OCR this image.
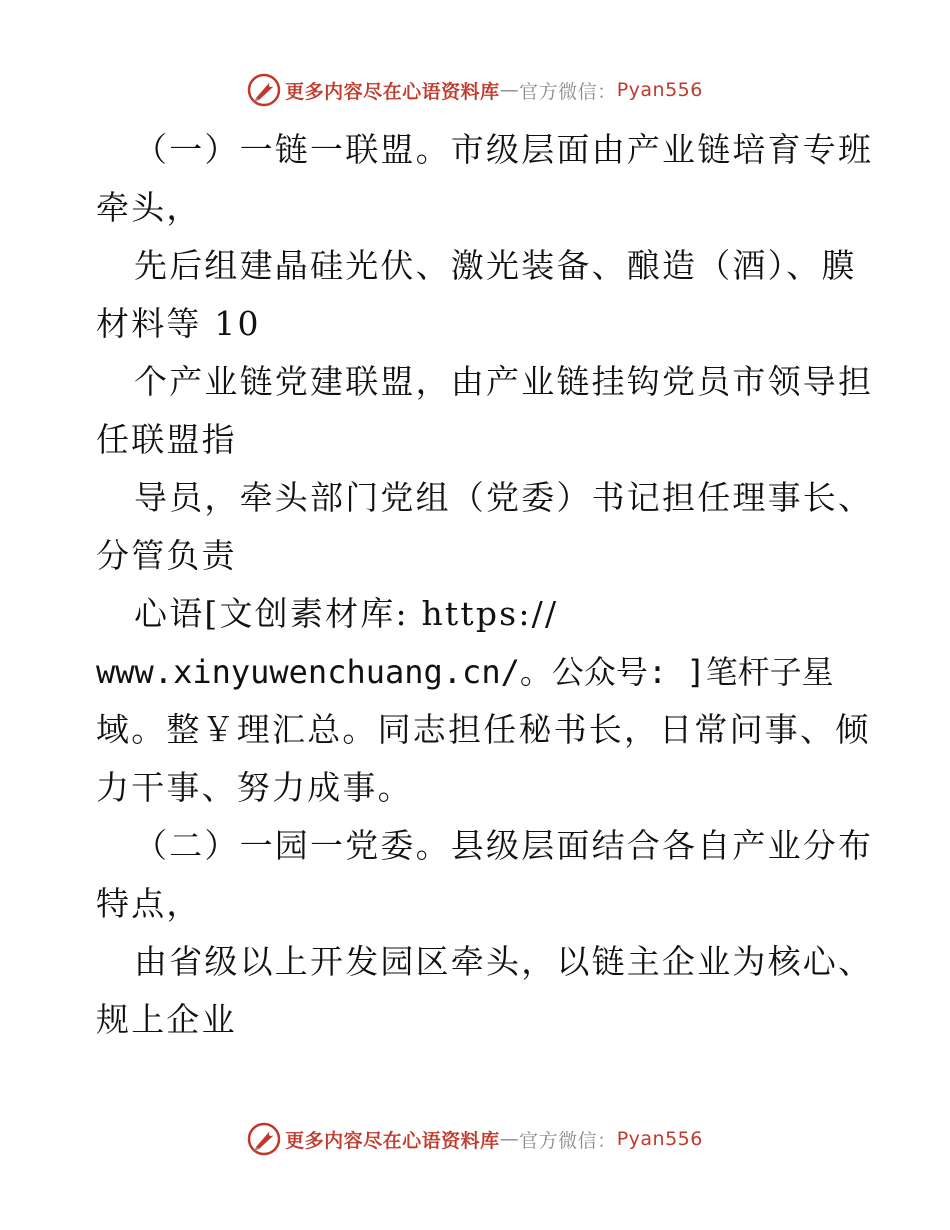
更多内容尽在心语资料库 — 官方微信： Pyan556
（一）一链一联盟。市级层面由产业链培育专班
牵头，
先后组建晶硅光伏、激光装备、酿造（酒）、膜
材料等 10
个产业链党建联盟，由产业链挂钩党员市领导担
任联盟指
导员，牵头部门党组（党委）书记担任理事长、
分管负责
心语[文创素材库: https://
www.xinyuwenchuang.cn/。公众号: ]笔杆子星
域。整￥理汇总。同志担任秘书长，日常问事、倾
力干事、努力成事。
（二）一园一党委。县级层面结合各自产业分布
特点，
由省级以上开发园区牵头，以链主企业为核心、
规上企业
更多内容尽在心语资料库 — 官方微信： Pyan556
